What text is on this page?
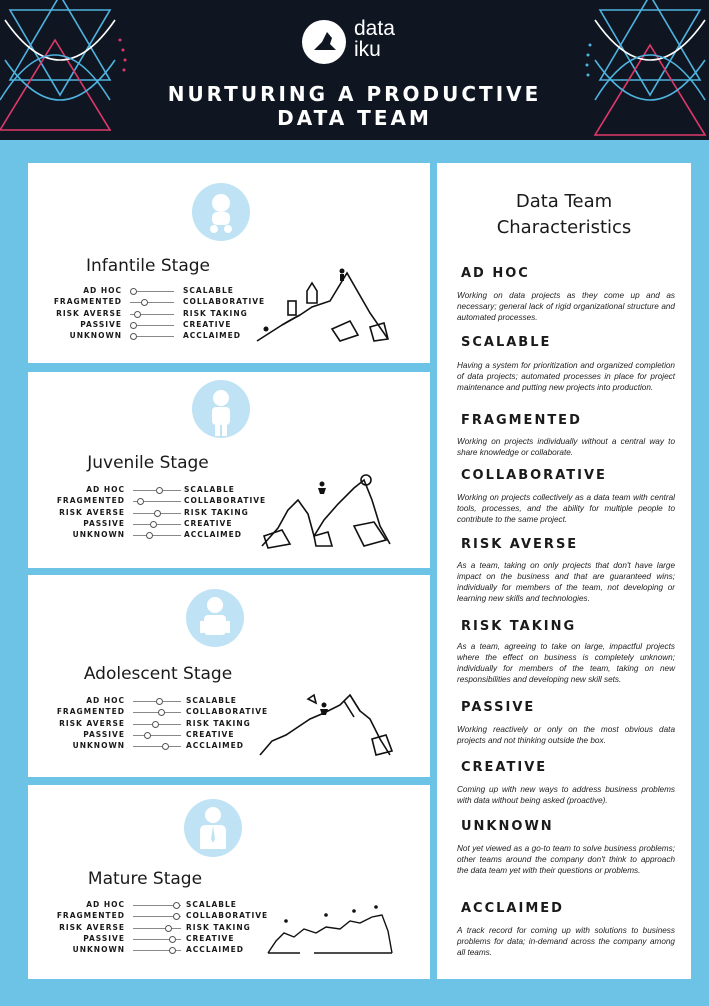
data
iku
NURTURING A PRODUCTIVE
DATA TEAM
Infantile Stage
AD HOC	SCALABLE
FRAGMENTED	COLLABORATIVE
RISK AVERSE	RISK TAKING
PASSIVE	CREATIVE
UNKNOWN	ACCLAIMED
Juvenile Stage
AD HOC	SCALABLE
FRAGMENTED	COLLABORATIVE
RISK AVERSE	RISK TAKING
PASSIVE	CREATIVE
UNKNOWN	ACCLAIMED
Adolescent Stage
AD HOC	SCALABLE
FRAGMENTED	COLLABORATIVE
RISK AVERSE	RISK TAKING
PASSIVE	CREATIVE
UNKNOWN	ACCLAIMED
Mature Stage
AD HOC	SCALABLE
FRAGMENTED	COLLABORATIVE
RISK AVERSE	RISK TAKING
PASSIVE	CREATIVE
UNKNOWN	ACCLAIMED
Data Team
Characteristics
AD HOC
Working on data projects as they come up and as necessary; general lack of rigid organizational structure and automated processes.
SCALABLE
Having a system for prioritization and organized completion of data projects; automated processes in place for project maintenance and putting new projects into production.
FRAGMENTED
Working on projects individually without a central way to share knowledge or collaborate.
COLLABORATIVE
Working on projects collectively as a data team with central tools, processes, and the ability for multiple people to contribute to the same project.
RISK AVERSE
As a team, taking on only projects that don't have large impact on the business and that are guaranteed wins; individually for members of the team, not developing or learning new skills and technologies.
RISK TAKING
As a team, agreeing to take on large, impactful projects where the effect on business is completely unknown; individually for members of the team, taking on new responsibilities and developing new skill sets.
PASSIVE
Working reactively or only on the most obvious data projects and not thinking outside the box.
CREATIVE
Coming up with new ways to address business problems with data without being asked (proactive).
UNKNOWN
Not yet viewed as a go-to team to solve business problems; other teams around the company don't think to approach the data team yet with their questions or problems.
ACCLAIMED
A track record for coming up with solutions to business problems for data; in-demand across the company among all teams.
